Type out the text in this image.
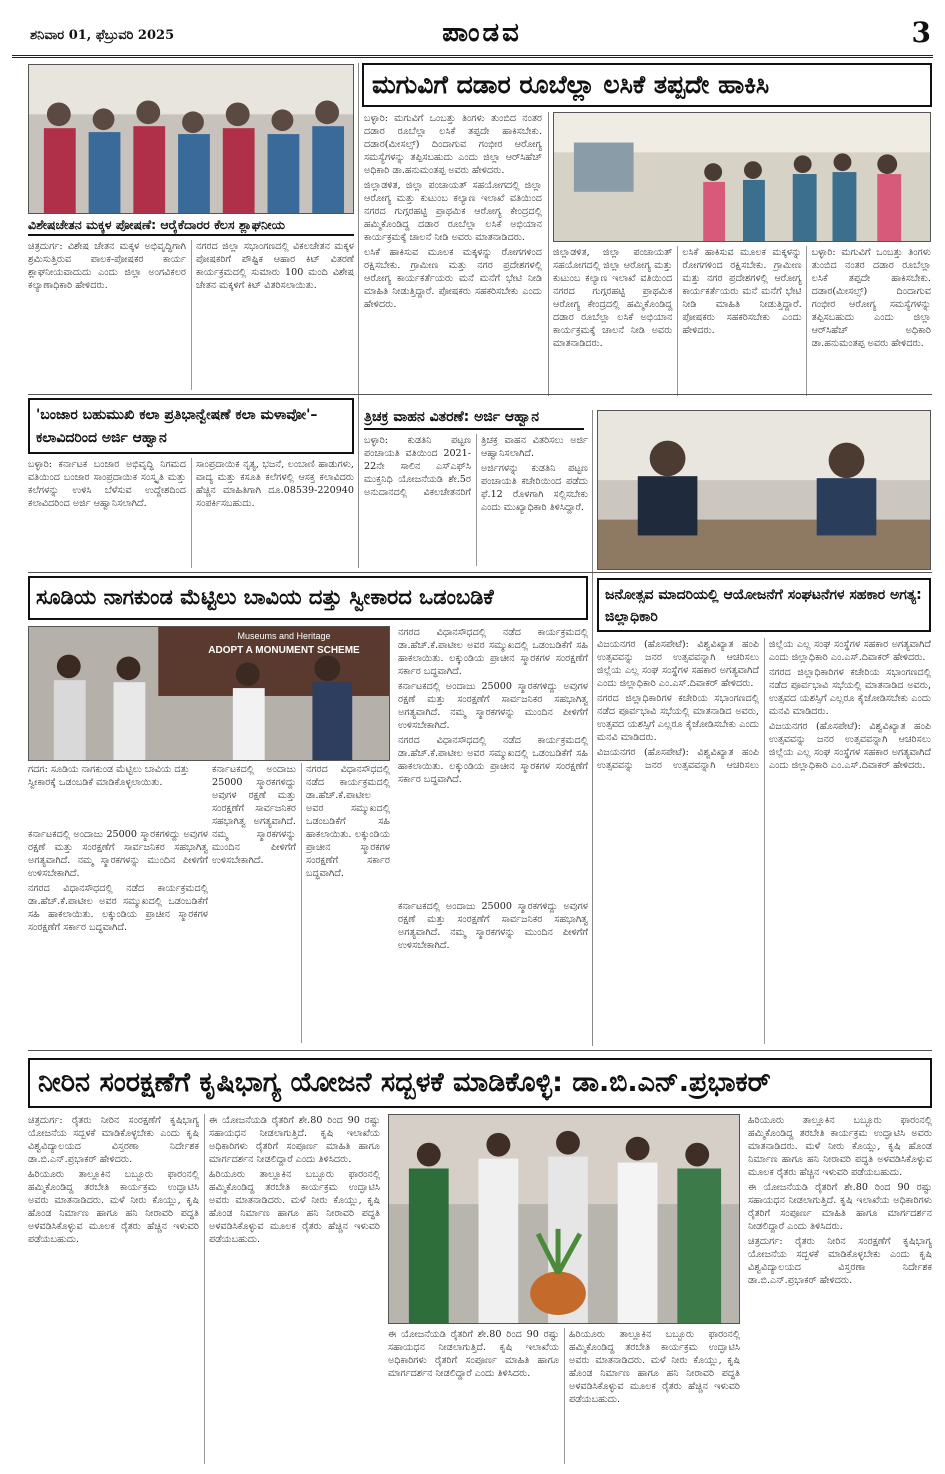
ಶನಿವಾರ 01, ಫೆಬ್ರುವರಿ 2025	ಪಾಂಡವ	3
ವಿಶೇಷಚೇತನ ಮಕ್ಕಳ ಪೋಷಣೆ: ಆರೈಕೆದಾರರ ಕೆಲಸ ಶ್ಲಾಘನೀಯ

ಚಿತ್ರದುರ್ಗ: ವಿಶೇಷ ಚೇತನ ಮಕ್ಕಳ ಅಭಿವೃದ್ಧಿಗಾಗಿ ಶ್ರಮಿಸುತ್ತಿರುವ ಪಾಲಕ-ಪೋಷಕರ ಕಾರ್ಯ ಶ್ಲಾಘನೀಯವಾದುದು ಎಂದು ಜಿಲ್ಲಾ ಅಂಗವಿಕಲರ ಕಲ್ಯಾಣಾಧಿಕಾರಿ ಹೇಳಿದರು.

ನಗರದ ಜಿಲ್ಲಾ ಸಭಾಂಗಣದಲ್ಲಿ ವಿಕಲಚೇತನ ಮಕ್ಕಳ ಪೋಷಕರಿಗೆ ಪೌಷ್ಟಿಕ ಆಹಾರ ಕಿಟ್ ವಿತರಣೆ ಕಾರ್ಯಕ್ರಮದಲ್ಲಿ ಸುಮಾರು 100 ಮಂದಿ ವಿಶೇಷ ಚೇತನ ಮಕ್ಕಳಿಗೆ ಕಿಟ್ ವಿತರಿಸಲಾಯಿತು.

ಮಗುವಿಗೆ ದಡಾರ ರೂಬೆಲ್ಲಾ ಲಸಿಕೆ ತಪ್ಪದೇ ಹಾಕಿಸಿ

ಬಳ್ಳಾರಿ: ಮಗುವಿಗೆ ಒಂಬತ್ತು ತಿಂಗಳು ತುಂಬಿದ ನಂತರ ದಡಾರ ರೂಬೆಲ್ಲಾ ಲಸಿಕೆ ತಪ್ಪದೇ ಹಾಕಿಸಬೇಕು. ದಡಾರ(ಮೀಸಲ್ಸ್) ದಿಂದಾಗುವ ಗಂಭೀರ ಆರೋಗ್ಯ ಸಮಸ್ಯೆಗಳನ್ನು ತಪ್ಪಿಸಬಹುದು ಎಂದು ಜಿಲ್ಲಾ ಆರ್‌ಸಿಹೆಚ್ ಅಧಿಕಾರಿ ಡಾ.ಹನುಮಂತಪ್ಪ ಅವರು ಹೇಳಿದರು.

ಜಿಲ್ಲಾಡಳಿತ, ಜಿಲ್ಲಾ ಪಂಚಾಯತ್ ಸಹಯೋಗದಲ್ಲಿ ಜಿಲ್ಲಾ ಆರೋಗ್ಯ ಮತ್ತು ಕುಟುಂಬ ಕಲ್ಯಾಣ ಇಲಾಖೆ ವತಿಯಿಂದ ನಗರದ ಗುಗ್ಗರಹಟ್ಟಿ ಪ್ರಾಥಮಿಕ ಆರೋಗ್ಯ ಕೇಂದ್ರದಲ್ಲಿ ಹಮ್ಮಿಕೊಂಡಿದ್ದ ದಡಾರ ರೂಬೆಲ್ಲಾ ಲಸಿಕೆ ಅಭಿಯಾನ ಕಾರ್ಯಕ್ರಮಕ್ಕೆ ಚಾಲನೆ ನೀಡಿ ಅವರು ಮಾತನಾಡಿದರು.

ಲಸಿಕೆ ಹಾಕಿಸುವ ಮೂಲಕ ಮಕ್ಕಳನ್ನು ರೋಗಗಳಿಂದ ರಕ್ಷಿಸಬೇಕು. ಗ್ರಾಮೀಣ ಮತ್ತು ನಗರ ಪ್ರದೇಶಗಳಲ್ಲಿ ಆರೋಗ್ಯ ಕಾರ್ಯಕರ್ತೆಯರು ಮನೆ ಮನೆಗೆ ಭೇಟಿ ನೀಡಿ ಮಾಹಿತಿ ನೀಡುತ್ತಿದ್ದಾರೆ. ಪೋಷಕರು ಸಹಕರಿಸಬೇಕು ಎಂದು ಹೇಳಿದರು.

ಜಿಲ್ಲಾಡಳಿತ, ಜಿಲ್ಲಾ ಪಂಚಾಯತ್ ಸಹಯೋಗದಲ್ಲಿ ಜಿಲ್ಲಾ ಆರೋಗ್ಯ ಮತ್ತು ಕುಟುಂಬ ಕಲ್ಯಾಣ ಇಲಾಖೆ ವತಿಯಿಂದ ನಗರದ ಗುಗ್ಗರಹಟ್ಟಿ ಪ್ರಾಥಮಿಕ ಆರೋಗ್ಯ ಕೇಂದ್ರದಲ್ಲಿ ಹಮ್ಮಿಕೊಂಡಿದ್ದ ದಡಾರ ರೂಬೆಲ್ಲಾ ಲಸಿಕೆ ಅಭಿಯಾನ ಕಾರ್ಯಕ್ರಮಕ್ಕೆ ಚಾಲನೆ ನೀಡಿ ಅವರು ಮಾತನಾಡಿದರು.

ಲಸಿಕೆ ಹಾಕಿಸುವ ಮೂಲಕ ಮಕ್ಕಳನ್ನು ರೋಗಗಳಿಂದ ರಕ್ಷಿಸಬೇಕು. ಗ್ರಾಮೀಣ ಮತ್ತು ನಗರ ಪ್ರದೇಶಗಳಲ್ಲಿ ಆರೋಗ್ಯ ಕಾರ್ಯಕರ್ತೆಯರು ಮನೆ ಮನೆಗೆ ಭೇಟಿ ನೀಡಿ ಮಾಹಿತಿ ನೀಡುತ್ತಿದ್ದಾರೆ. ಪೋಷಕರು ಸಹಕರಿಸಬೇಕು ಎಂದು ಹೇಳಿದರು.

ಬಳ್ಳಾರಿ: ಮಗುವಿಗೆ ಒಂಬತ್ತು ತಿಂಗಳು ತುಂಬಿದ ನಂತರ ದಡಾರ ರೂಬೆಲ್ಲಾ ಲಸಿಕೆ ತಪ್ಪದೇ ಹಾಕಿಸಬೇಕು. ದಡಾರ(ಮೀಸಲ್ಸ್) ದಿಂದಾಗುವ ಗಂಭೀರ ಆರೋಗ್ಯ ಸಮಸ್ಯೆಗಳನ್ನು ತಪ್ಪಿಸಬಹುದು ಎಂದು ಜಿಲ್ಲಾ ಆರ್‌ಸಿಹೆಚ್ ಅಧಿಕಾರಿ ಡಾ.ಹನುಮಂತಪ್ಪ ಅವರು ಹೇಳಿದರು.

'ಬಂಜಾರ ಬಹುಮುಖಿ ಕಲಾ ಪ್ರತಿಭಾನ್ವೇಷಣೆ ಕಲಾ ಮಳಾವೋ'– ಕಲಾವಿದರಿಂದ ಅರ್ಜಿ ಆಹ್ವಾನ

ಬಳ್ಳಾರಿ: ಕರ್ನಾಟಕ ಬಂಜಾರ ಅಭಿವೃದ್ಧಿ ನಿಗಮದ ವತಿಯಿಂದ ಬಂಜಾರ ಸಾಂಪ್ರದಾಯಿಕ ಸಂಸ್ಕೃತಿ ಮತ್ತು ಕಲೆಗಳನ್ನು ಉಳಿಸಿ ಬೆಳೆಸುವ ಉದ್ದೇಶದಿಂದ ಕಲಾವಿದರಿಂದ ಅರ್ಜಿ ಆಹ್ವಾನಿಸಲಾಗಿದೆ.

ಸಾಂಪ್ರದಾಯಿಕ ನೃತ್ಯ, ಭಜನೆ, ಲಂಬಾಣಿ ಹಾಡುಗಳು, ವಾದ್ಯ ಮತ್ತು ಕಸೂತಿ ಕಲೆಗಳಲ್ಲಿ ಆಸಕ್ತ ಕಲಾವಿದರು ಹೆಚ್ಚಿನ ಮಾಹಿತಿಗಾಗಿ ದೂ.08539-220940 ಸಂಪರ್ಕಿಸಬಹುದು.

ತ್ರಿಚಕ್ರ ವಾಹನ ವಿತರಣೆ: ಅರ್ಜಿ ಆಹ್ವಾನ

ಬಳ್ಳಾರಿ: ಕುಡತಿನಿ ಪಟ್ಟಣ ಪಂಚಾಯತಿ ವತಿಯಿಂದ 2021-22ನೇ ಸಾಲಿನ ಎಸ್‌ಎಫ್‌ಸಿ ಮುಕ್ತನಿಧಿ ಯೋಜನೆಯಡಿ ಶೇ.5ರ ಅನುದಾನದಲ್ಲಿ ವಿಕಲಚೇತನರಿಗೆ ತ್ರಿಚಕ್ರ ವಾಹನ ವಿತರಿಸಲು ಅರ್ಜಿ ಆಹ್ವಾನಿಸಲಾಗಿದೆ.

ಅರ್ಜಿಗಳನ್ನು ಕುಡತಿನಿ ಪಟ್ಟಣ ಪಂಚಾಯತಿ ಕಚೇರಿಯಿಂದ ಪಡೆದು ಫೆ.12 ರೊಳಗಾಗಿ ಸಲ್ಲಿಸಬೇಕು ಎಂದು ಮುಖ್ಯಾಧಿಕಾರಿ ತಿಳಿಸಿದ್ದಾರೆ.

ಸೂಡಿಯ ನಾಗಕುಂಡ ಮೆಟ್ಟಿಲು ಬಾವಿಯ ದತ್ತು ಸ್ವೀಕಾರದ ಒಡಂಬಡಿಕೆ
Museums and Heritage
ADOPT A MONUMENT SCHEME
ಗದಗ: ಸೂಡಿಯ ನಾಗಕುಂಡ ಮೆಟ್ಟಿಲು ಬಾವಿಯ ದತ್ತು ಸ್ವೀಕಾರಕ್ಕೆ ಒಡಂಬಡಿಕೆ ಮಾಡಿಕೊಳ್ಳಲಾಯಿತು.

ನಗರದ ವಿಧಾನಸೌಧದಲ್ಲಿ ನಡೆದ ಕಾರ್ಯಕ್ರಮದಲ್ಲಿ ಡಾ.ಹೆಚ್.ಕೆ.ಪಾಟೀಲ ಅವರ ಸಮ್ಮುಖದಲ್ಲಿ ಒಡಂಬಡಿಕೆಗೆ ಸಹಿ ಹಾಕಲಾಯಿತು. ಲಕ್ಕುಂಡಿಯ ಪ್ರಾಚೀನ ಸ್ಮಾರಕಗಳ ಸಂರಕ್ಷಣೆಗೆ ಸರ್ಕಾರ ಬದ್ಧವಾಗಿದೆ.

ಕರ್ನಾಟಕದಲ್ಲಿ ಅಂದಾಜು 25000 ಸ್ಮಾರಕಗಳಿದ್ದು ಅವುಗಳ ರಕ್ಷಣೆ ಮತ್ತು ಸಂರಕ್ಷಣೆಗೆ ಸಾರ್ವಜನಿಕರ ಸಹಭಾಗಿತ್ವ ಅಗತ್ಯವಾಗಿದೆ. ನಮ್ಮ ಸ್ಮಾರಕಗಳನ್ನು ಮುಂದಿನ ಪೀಳಿಗೆಗೆ ಉಳಿಸಬೇಕಾಗಿದೆ.

ನಗರದ ವಿಧಾನಸೌಧದಲ್ಲಿ ನಡೆದ ಕಾರ್ಯಕ್ರಮದಲ್ಲಿ ಡಾ.ಹೆಚ್.ಕೆ.ಪಾಟೀಲ ಅವರ ಸಮ್ಮುಖದಲ್ಲಿ ಒಡಂಬಡಿಕೆಗೆ ಸಹಿ ಹಾಕಲಾಯಿತು. ಲಕ್ಕುಂಡಿಯ ಪ್ರಾಚೀನ ಸ್ಮಾರಕಗಳ ಸಂರಕ್ಷಣೆಗೆ ಸರ್ಕಾರ ಬದ್ಧವಾಗಿದೆ.

ಕರ್ನಾಟಕದಲ್ಲಿ ಅಂದಾಜು 25000 ಸ್ಮಾರಕಗಳಿದ್ದು ಅವುಗಳ ರಕ್ಷಣೆ ಮತ್ತು ಸಂರಕ್ಷಣೆಗೆ ಸಾರ್ವಜನಿಕರ ಸಹಭಾಗಿತ್ವ ಅಗತ್ಯವಾಗಿದೆ. ನಮ್ಮ ಸ್ಮಾರಕಗಳನ್ನು ಮುಂದಿನ ಪೀಳಿಗೆಗೆ ಉಳಿಸಬೇಕಾಗಿದೆ.

ನಗರದ ವಿಧಾನಸೌಧದಲ್ಲಿ ನಡೆದ ಕಾರ್ಯಕ್ರಮದಲ್ಲಿ ಡಾ.ಹೆಚ್.ಕೆ.ಪಾಟೀಲ ಅವರ ಸಮ್ಮುಖದಲ್ಲಿ ಒಡಂಬಡಿಕೆಗೆ ಸಹಿ ಹಾಕಲಾಯಿತು. ಲಕ್ಕುಂಡಿಯ ಪ್ರಾಚೀನ ಸ್ಮಾರಕಗಳ ಸಂರಕ್ಷಣೆಗೆ ಸರ್ಕಾರ ಬದ್ಧವಾಗಿದೆ.

ಕರ್ನಾಟಕದಲ್ಲಿ ಅಂದಾಜು 25000 ಸ್ಮಾರಕಗಳಿದ್ದು ಅವುಗಳ ರಕ್ಷಣೆ ಮತ್ತು ಸಂರಕ್ಷಣೆಗೆ ಸಾರ್ವಜನಿಕರ ಸಹಭಾಗಿತ್ವ ಅಗತ್ಯವಾಗಿದೆ. ನಮ್ಮ ಸ್ಮಾರಕಗಳನ್ನು ಮುಂದಿನ ಪೀಳಿಗೆಗೆ ಉಳಿಸಬೇಕಾಗಿದೆ.

ನಗರದ ವಿಧಾನಸೌಧದಲ್ಲಿ ನಡೆದ ಕಾರ್ಯಕ್ರಮದಲ್ಲಿ ಡಾ.ಹೆಚ್.ಕೆ.ಪಾಟೀಲ ಅವರ ಸಮ್ಮುಖದಲ್ಲಿ ಒಡಂಬಡಿಕೆಗೆ ಸಹಿ ಹಾಕಲಾಯಿತು. ಲಕ್ಕುಂಡಿಯ ಪ್ರಾಚೀನ ಸ್ಮಾರಕಗಳ ಸಂರಕ್ಷಣೆಗೆ ಸರ್ಕಾರ ಬದ್ಧವಾಗಿದೆ.

ಕರ್ನಾಟಕದಲ್ಲಿ ಅಂದಾಜು 25000 ಸ್ಮಾರಕಗಳಿದ್ದು ಅವುಗಳ ರಕ್ಷಣೆ ಮತ್ತು ಸಂರಕ್ಷಣೆಗೆ ಸಾರ್ವಜನಿಕರ ಸಹಭಾಗಿತ್ವ ಅಗತ್ಯವಾಗಿದೆ. ನಮ್ಮ ಸ್ಮಾರಕಗಳನ್ನು ಮುಂದಿನ ಪೀಳಿಗೆಗೆ ಉಳಿಸಬೇಕಾಗಿದೆ.

ಜನೋತ್ಸವ ಮಾದರಿಯಲ್ಲಿ ಆಯೋಜನೆಗೆ ಸಂಘಟನೆಗಳ ಸಹಕಾರ ಅಗತ್ಯ: ಜಿಲ್ಲಾಧಿಕಾರಿ

ವಿಜಯನಗರ (ಹೊಸಪೇಟೆ): ವಿಶ್ವವಿಖ್ಯಾತ ಹಂಪಿ ಉತ್ಸವವನ್ನು ಜನರ ಉತ್ಸವವನ್ನಾಗಿ ಆಚರಿಸಲು ಜಿಲ್ಲೆಯ ಎಲ್ಲ ಸಂಘ ಸಂಸ್ಥೆಗಳ ಸಹಕಾರ ಅಗತ್ಯವಾಗಿದೆ ಎಂದು ಜಿಲ್ಲಾಧಿಕಾರಿ ಎಂ.ಎಸ್.ದಿವಾಕರ್ ಹೇಳಿದರು.

ನಗರದ ಜಿಲ್ಲಾಧಿಕಾರಿಗಳ ಕಚೇರಿಯ ಸಭಾಂಗಣದಲ್ಲಿ ನಡೆದ ಪೂರ್ವಭಾವಿ ಸಭೆಯಲ್ಲಿ ಮಾತನಾಡಿದ ಅವರು, ಉತ್ಸವದ ಯಶಸ್ಸಿಗೆ ಎಲ್ಲರೂ ಕೈಜೋಡಿಸಬೇಕು ಎಂದು ಮನವಿ ಮಾಡಿದರು.

ವಿಜಯನಗರ (ಹೊಸಪೇಟೆ): ವಿಶ್ವವಿಖ್ಯಾತ ಹಂಪಿ ಉತ್ಸವವನ್ನು ಜನರ ಉತ್ಸವವನ್ನಾಗಿ ಆಚರಿಸಲು ಜಿಲ್ಲೆಯ ಎಲ್ಲ ಸಂಘ ಸಂಸ್ಥೆಗಳ ಸಹಕಾರ ಅಗತ್ಯವಾಗಿದೆ ಎಂದು ಜಿಲ್ಲಾಧಿಕಾರಿ ಎಂ.ಎಸ್.ದಿವಾಕರ್ ಹೇಳಿದರು.

ನಗರದ ಜಿಲ್ಲಾಧಿಕಾರಿಗಳ ಕಚೇರಿಯ ಸಭಾಂಗಣದಲ್ಲಿ ನಡೆದ ಪೂರ್ವಭಾವಿ ಸಭೆಯಲ್ಲಿ ಮಾತನಾಡಿದ ಅವರು, ಉತ್ಸವದ ಯಶಸ್ಸಿಗೆ ಎಲ್ಲರೂ ಕೈಜೋಡಿಸಬೇಕು ಎಂದು ಮನವಿ ಮಾಡಿದರು.

ವಿಜಯನಗರ (ಹೊಸಪೇಟೆ): ವಿಶ್ವವಿಖ್ಯಾತ ಹಂಪಿ ಉತ್ಸವವನ್ನು ಜನರ ಉತ್ಸವವನ್ನಾಗಿ ಆಚರಿಸಲು ಜಿಲ್ಲೆಯ ಎಲ್ಲ ಸಂಘ ಸಂಸ್ಥೆಗಳ ಸಹಕಾರ ಅಗತ್ಯವಾಗಿದೆ ಎಂದು ಜಿಲ್ಲಾಧಿಕಾರಿ ಎಂ.ಎಸ್.ದಿವಾಕರ್ ಹೇಳಿದರು.

ನೀರಿನ ಸಂರಕ್ಷಣೆಗೆ ಕೃಷಿಭಾಗ್ಯ ಯೋಜನೆ ಸದ್ಬಳಕೆ ಮಾಡಿಕೊಳ್ಳಿ: ಡಾ.ಬಿ.ಎನ್.ಪ್ರಭಾಕರ್

ಚಿತ್ರದುರ್ಗ: ರೈತರು ನೀರಿನ ಸಂರಕ್ಷಣೆಗೆ ಕೃಷಿಭಾಗ್ಯ ಯೋಜನೆಯ ಸದ್ಬಳಕೆ ಮಾಡಿಕೊಳ್ಳಬೇಕು ಎಂದು ಕೃಷಿ ವಿಶ್ವವಿದ್ಯಾಲಯದ ವಿಸ್ತರಣಾ ನಿರ್ದೇಶಕ ಡಾ.ಬಿ.ಎನ್.ಪ್ರಭಾಕರ್ ಹೇಳಿದರು.

ಹಿರಿಯೂರು ತಾಲ್ಲೂಕಿನ ಬಬ್ಬೂರು ಫಾರಂನಲ್ಲಿ ಹಮ್ಮಿಕೊಂಡಿದ್ದ ತರಬೇತಿ ಕಾರ್ಯಕ್ರಮ ಉದ್ಘಾಟಿಸಿ ಅವರು ಮಾತನಾಡಿದರು. ಮಳೆ ನೀರು ಕೊಯ್ಲು, ಕೃಷಿ ಹೊಂಡ ನಿರ್ಮಾಣ ಹಾಗೂ ಹನಿ ನೀರಾವರಿ ಪದ್ಧತಿ ಅಳವಡಿಸಿಕೊಳ್ಳುವ ಮೂಲಕ ರೈತರು ಹೆಚ್ಚಿನ ಇಳುವರಿ ಪಡೆಯಬಹುದು.

ಈ ಯೋಜನೆಯಡಿ ರೈತರಿಗೆ ಶೇ.80 ರಿಂದ 90 ರಷ್ಟು ಸಹಾಯಧನ ನೀಡಲಾಗುತ್ತಿದೆ. ಕೃಷಿ ಇಲಾಖೆಯ ಅಧಿಕಾರಿಗಳು ರೈತರಿಗೆ ಸಂಪೂರ್ಣ ಮಾಹಿತಿ ಹಾಗೂ ಮಾರ್ಗದರ್ಶನ ನೀಡಲಿದ್ದಾರೆ ಎಂದು ತಿಳಿಸಿದರು.

ಹಿರಿಯೂರು ತಾಲ್ಲೂಕಿನ ಬಬ್ಬೂರು ಫಾರಂನಲ್ಲಿ ಹಮ್ಮಿಕೊಂಡಿದ್ದ ತರಬೇತಿ ಕಾರ್ಯಕ್ರಮ ಉದ್ಘಾಟಿಸಿ ಅವರು ಮಾತನಾಡಿದರು. ಮಳೆ ನೀರು ಕೊಯ್ಲು, ಕೃಷಿ ಹೊಂಡ ನಿರ್ಮಾಣ ಹಾಗೂ ಹನಿ ನೀರಾವರಿ ಪದ್ಧತಿ ಅಳವಡಿಸಿಕೊಳ್ಳುವ ಮೂಲಕ ರೈತರು ಹೆಚ್ಚಿನ ಇಳುವರಿ ಪಡೆಯಬಹುದು.

ಈ ಯೋಜನೆಯಡಿ ರೈತರಿಗೆ ಶೇ.80 ರಿಂದ 90 ರಷ್ಟು ಸಹಾಯಧನ ನೀಡಲಾಗುತ್ತಿದೆ. ಕೃಷಿ ಇಲಾಖೆಯ ಅಧಿಕಾರಿಗಳು ರೈತರಿಗೆ ಸಂಪೂರ್ಣ ಮಾಹಿತಿ ಹಾಗೂ ಮಾರ್ಗದರ್ಶನ ನೀಡಲಿದ್ದಾರೆ ಎಂದು ತಿಳಿಸಿದರು.

ಹಿರಿಯೂರು ತಾಲ್ಲೂಕಿನ ಬಬ್ಬೂರು ಫಾರಂನಲ್ಲಿ ಹಮ್ಮಿಕೊಂಡಿದ್ದ ತರಬೇತಿ ಕಾರ್ಯಕ್ರಮ ಉದ್ಘಾಟಿಸಿ ಅವರು ಮಾತನಾಡಿದರು. ಮಳೆ ನೀರು ಕೊಯ್ಲು, ಕೃಷಿ ಹೊಂಡ ನಿರ್ಮಾಣ ಹಾಗೂ ಹನಿ ನೀರಾವರಿ ಪದ್ಧತಿ ಅಳವಡಿಸಿಕೊಳ್ಳುವ ಮೂಲಕ ರೈತರು ಹೆಚ್ಚಿನ ಇಳುವರಿ ಪಡೆಯಬಹುದು.

ಹಿರಿಯೂರು ತಾಲ್ಲೂಕಿನ ಬಬ್ಬೂರು ಫಾರಂನಲ್ಲಿ ಹಮ್ಮಿಕೊಂಡಿದ್ದ ತರಬೇತಿ ಕಾರ್ಯಕ್ರಮ ಉದ್ಘಾಟಿಸಿ ಅವರು ಮಾತನಾಡಿದರು. ಮಳೆ ನೀರು ಕೊಯ್ಲು, ಕೃಷಿ ಹೊಂಡ ನಿರ್ಮಾಣ ಹಾಗೂ ಹನಿ ನೀರಾವರಿ ಪದ್ಧತಿ ಅಳವಡಿಸಿಕೊಳ್ಳುವ ಮೂಲಕ ರೈತರು ಹೆಚ್ಚಿನ ಇಳುವರಿ ಪಡೆಯಬಹುದು.

ಈ ಯೋಜನೆಯಡಿ ರೈತರಿಗೆ ಶೇ.80 ರಿಂದ 90 ರಷ್ಟು ಸಹಾಯಧನ ನೀಡಲಾಗುತ್ತಿದೆ. ಕೃಷಿ ಇಲಾಖೆಯ ಅಧಿಕಾರಿಗಳು ರೈತರಿಗೆ ಸಂಪೂರ್ಣ ಮಾಹಿತಿ ಹಾಗೂ ಮಾರ್ಗದರ್ಶನ ನೀಡಲಿದ್ದಾರೆ ಎಂದು ತಿಳಿಸಿದರು.

ಚಿತ್ರದುರ್ಗ: ರೈತರು ನೀರಿನ ಸಂರಕ್ಷಣೆಗೆ ಕೃಷಿಭಾಗ್ಯ ಯೋಜನೆಯ ಸದ್ಬಳಕೆ ಮಾಡಿಕೊಳ್ಳಬೇಕು ಎಂದು ಕೃಷಿ ವಿಶ್ವವಿದ್ಯಾಲಯದ ವಿಸ್ತರಣಾ ನಿರ್ದೇಶಕ ಡಾ.ಬಿ.ಎನ್.ಪ್ರಭಾಕರ್ ಹೇಳಿದರು.
